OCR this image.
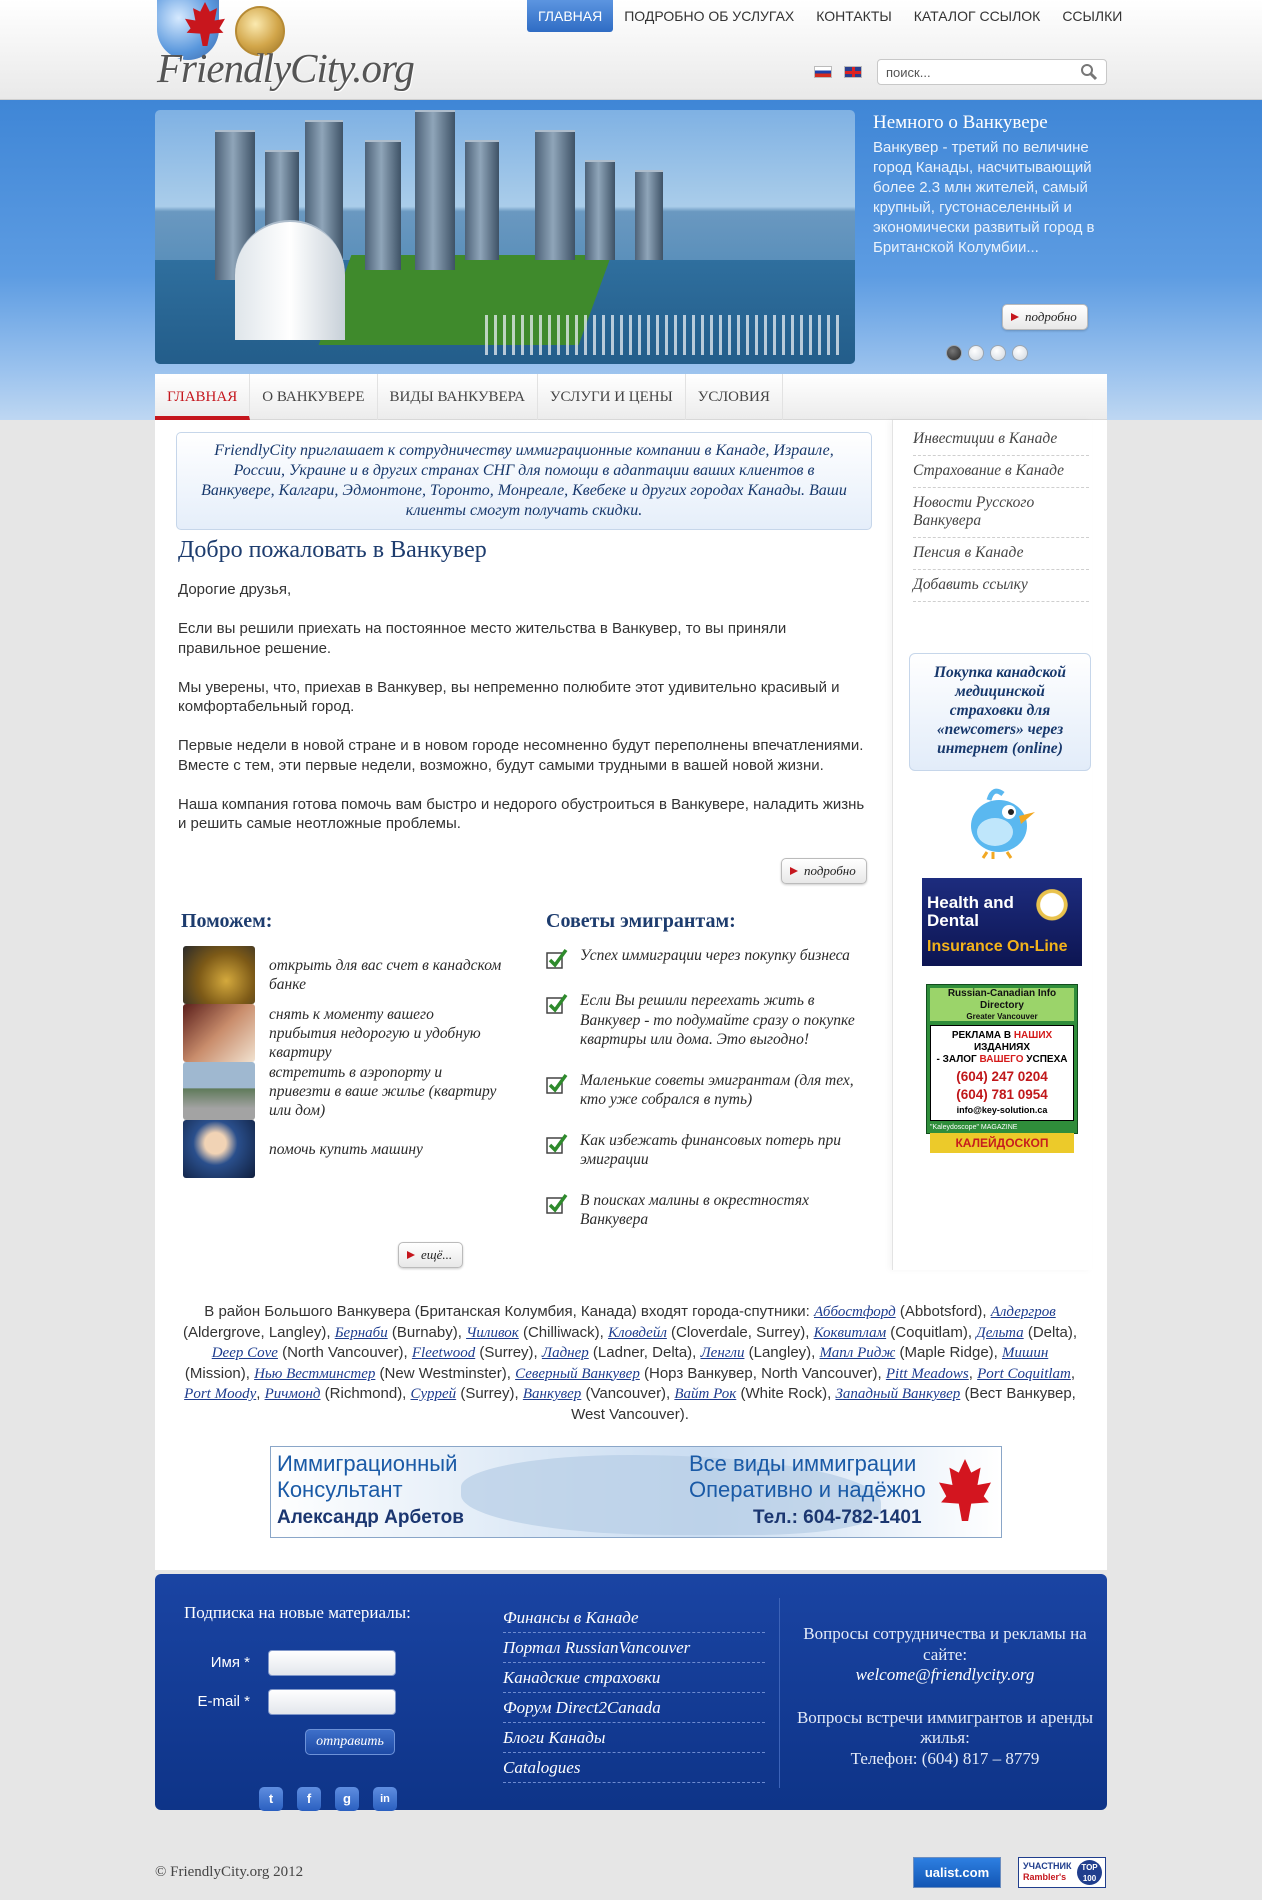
FriendlyCity.org
ГЛАВНАЯ	ПОДРОБНО ОБ УСЛУГАХ	КОНТАКТЫ	КАТАЛОГ ССЫЛОК	ССЫЛКИ
поиск...
Немного о Ванкувере

Ванкувер - третий по величине город Канады, насчитывающий более 2.3 млн жителей, самый крупный, густонаселенный и экономически развитый город в Британской Колумбии...

подробно
ГЛАВНАЯ	О ВАНКУВЕРЕ	ВИДЫ ВАНКУВЕРА	УСЛУГИ И ЦЕНЫ	УСЛОВИЯ
FriendlyCity приглашает к сотрудничеству иммиграционные компании в Канаде, Израиле, России, Украине и в других странах СНГ для помощи в адаптации ваших клиентов в Ванкувере, Калгари, Эдмонтоне, Торонто, Монреале, Квебеке и других городах Канады. Ваши клиенты смогут получать скидки.
Добро пожаловать в Ванкувер

Дорогие друзья,

Если вы решили приехать на постоянное место жительства в Ванкувер, то вы приняли правильное решение.

Мы уверены, что, приехав в Ванкувер, вы непременно полюбите этот удивительно красивый и комфортабельный город.

Первые недели в новой стране и в новом городе несомненно будут переполнены впечатлениями. Вместе с тем, эти первые недели, возможно, будут самыми трудными в вашей новой жизни.

Наша компания готова помочь вам быстро и недорого обустроиться в Ванкувере, наладить жизнь и решить самые неотложные проблемы.

подробно
Поможем:
открыть для вас счет в канадском банке
снять к моменту вашего прибытия недорогую и удобную квартиру
встретить в аэропорту и привезти в ваше жилье (квартиру или дом)
помочь купить машину
ещё...
Советы эмигрантам:
Успех иммиграции через покупку бизнеса
Если Вы решили переехать жить в Ванкувер - то подумайте сразу о покупке квартиры или дома. Это выгодно!
Маленькие советы эмигрантам (для тех, кто уже собрался в путь)
Как избежать финансовых потерь при эмиграции
В поисках малины в окрестностях Ванкувера
Инвестиции в Канаде
Страхование в Канаде
Новости Русского Ванкувера
Пенсия в Канаде
Добавить ссылку
Покупка канадской медицинской страховки для «newcomers» через интернет (online)
Health and
Dental
Insurance On-Line
Russian-Canadian Info Directory
Greater Vancouver
РЕКЛАМА В НАШИХ ИЗДАНИЯХ
- ЗАЛОГ ВАШЕГО УСПЕХА
(604) 247 0204
(604) 781 0954
info@key-solution.ca
"Kaleydoscope" MAGAZINE
КАЛЕЙДОСКОП
Vancouver
В район Большого Ванкувера (Британская Колумбия, Канада) входят города-спутники: Аббостфорд (Abbotsford), Алдергров (Aldergrove, Langley), Бернаби (Burnaby), Чиливок (Chilliwack), Кловдейл (Cloverdale, Surrey), Коквитлам (Coquitlam), Дельта (Delta), Deep Cove (North Vancouver), Fleetwood (Surrey), Ладнер (Ladner, Delta), Ленгли (Langley), Мапл Ридж (Maple Ridge), Мишин (Mission), Нью Вестминстер (New Westminster), Северный Ванкувер (Норз Ванкувер, North Vancouver), Pitt Meadows, Port Coquitlam, Port Moody, Ричмонд (Richmond), Суррей (Surrey), Ванкувер (Vancouver), Вайт Рок (White Rock), Западный Ванкувер (Вест Ванкувер, West Vancouver).
Иммиграционный
Консультант
Александр Арбетов
Все виды иммиграции
Оперативно и надёжно
Тел.: 604-782-1401
Подписка на новые материалы:
Имя *
E-mail *
отправить
t	f	g	in
Финансы в Канаде
Портал RussianVancouver
Канадские страховки
Форум Direct2Canada
Блоги Канады
Catalogues
Вопросы сотрудничества и рекламы на сайте:
welcome@friendlycity.org
Вопросы встречи иммигрантов и аренды жилья:
Телефон: (604) 817 – 8779
© FriendlyCity.org 2012	ualist.com	УЧАСТНИК
Rambler's
TOP 100
